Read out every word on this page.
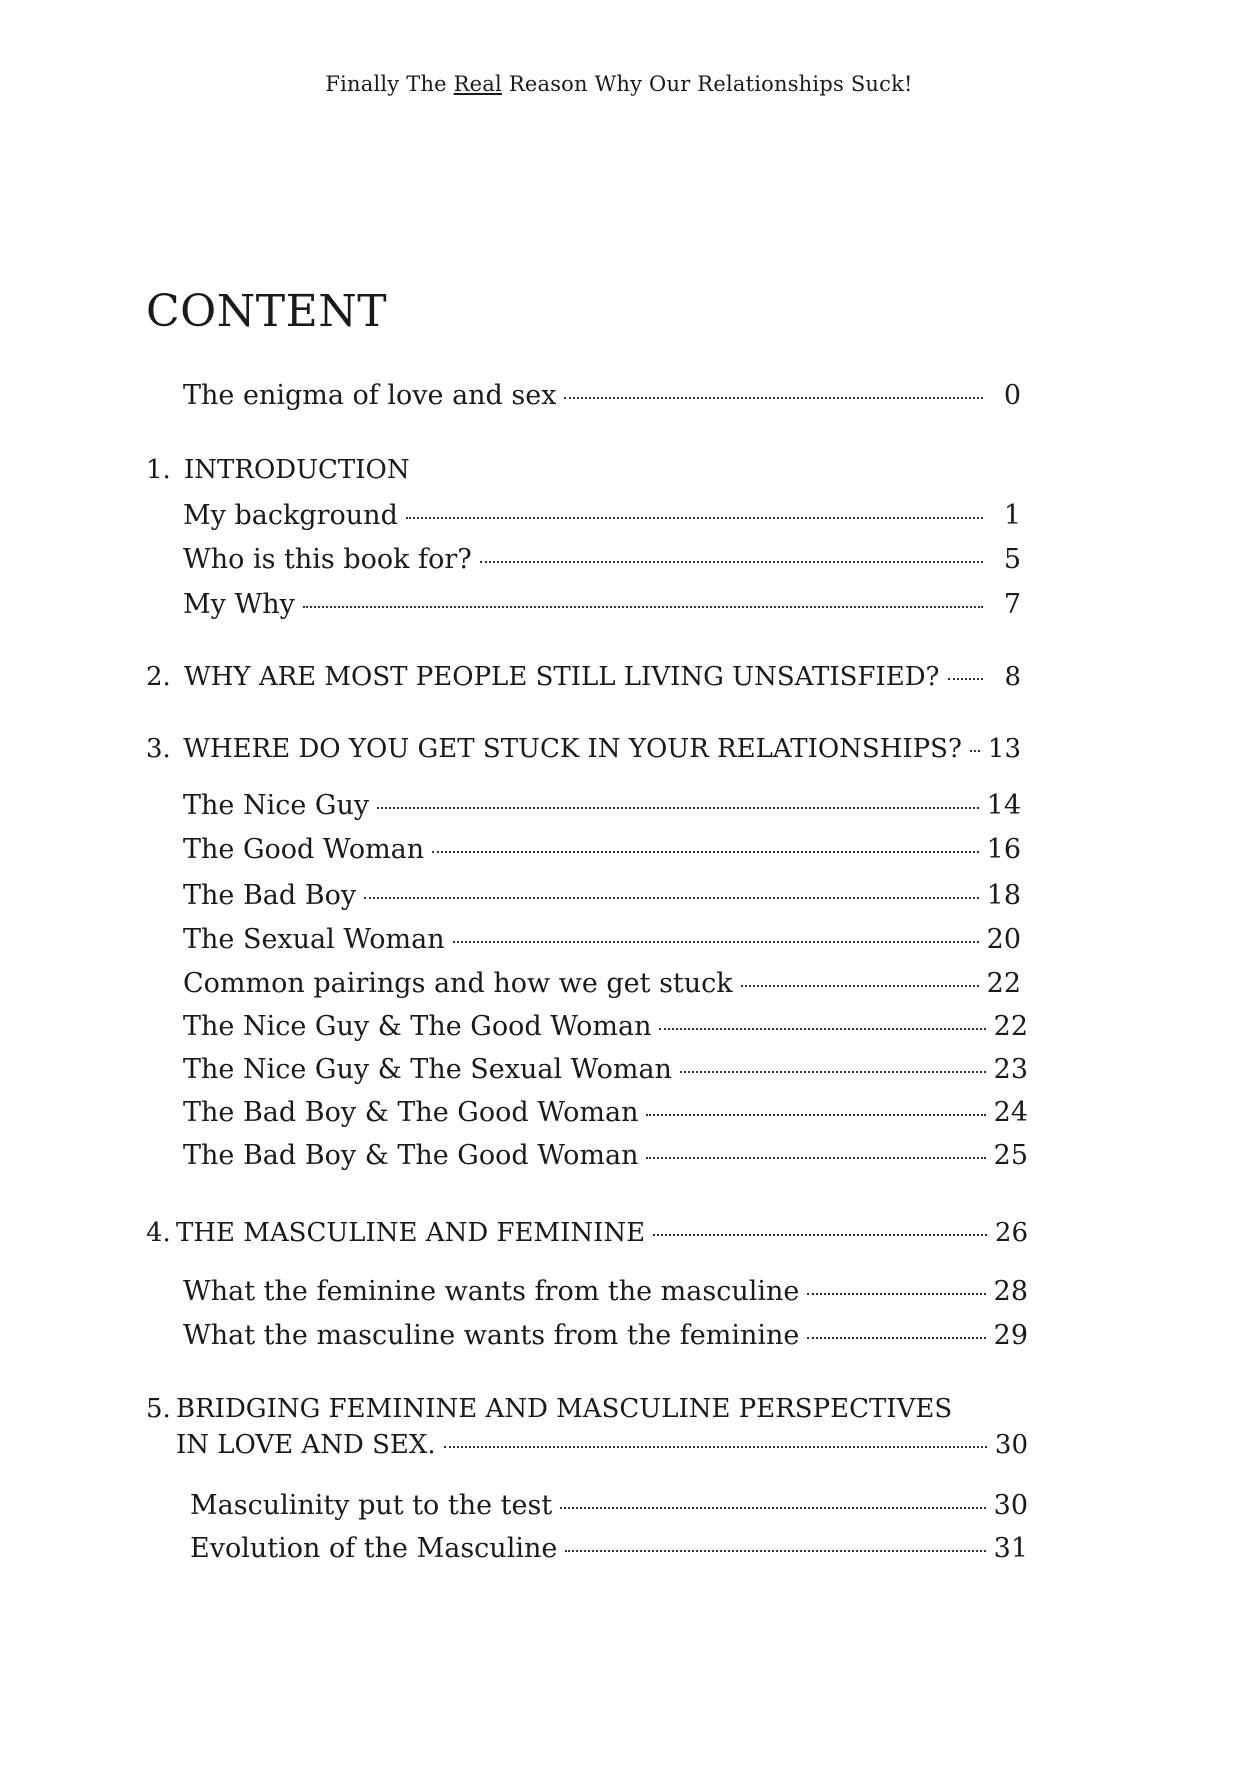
Finally The Real Reason Why Our Relationships Suck!
CONTENT
The enigma of love and sex	0
1. INTRODUCTION
My background	1
Who is this book for?	5
My Why	7
2. WHY ARE MOST PEOPLE STILL LIVING UNSATISFIED?	8
3. WHERE DO YOU GET STUCK IN YOUR RELATIONSHIPS? 13
The Nice Guy	14
The Good Woman	16
The Bad Boy	18
The Sexual Woman	20
Common pairings and how we get stuck	22
The Nice Guy & The Good Woman	22
The Nice Guy & The Sexual Woman	23
The Bad Boy & The Good Woman	24
The Bad Boy & The Good Woman	25
4. THE MASCULINE AND FEMININE	26
What the feminine wants from the masculine	28
What the masculine wants from the feminine	29
5. BRIDGING FEMININE AND MASCULINE PERSPECTIVES
IN LOVE AND SEX.	30
Masculinity put to the test	30
Evolution of the Masculine	31
